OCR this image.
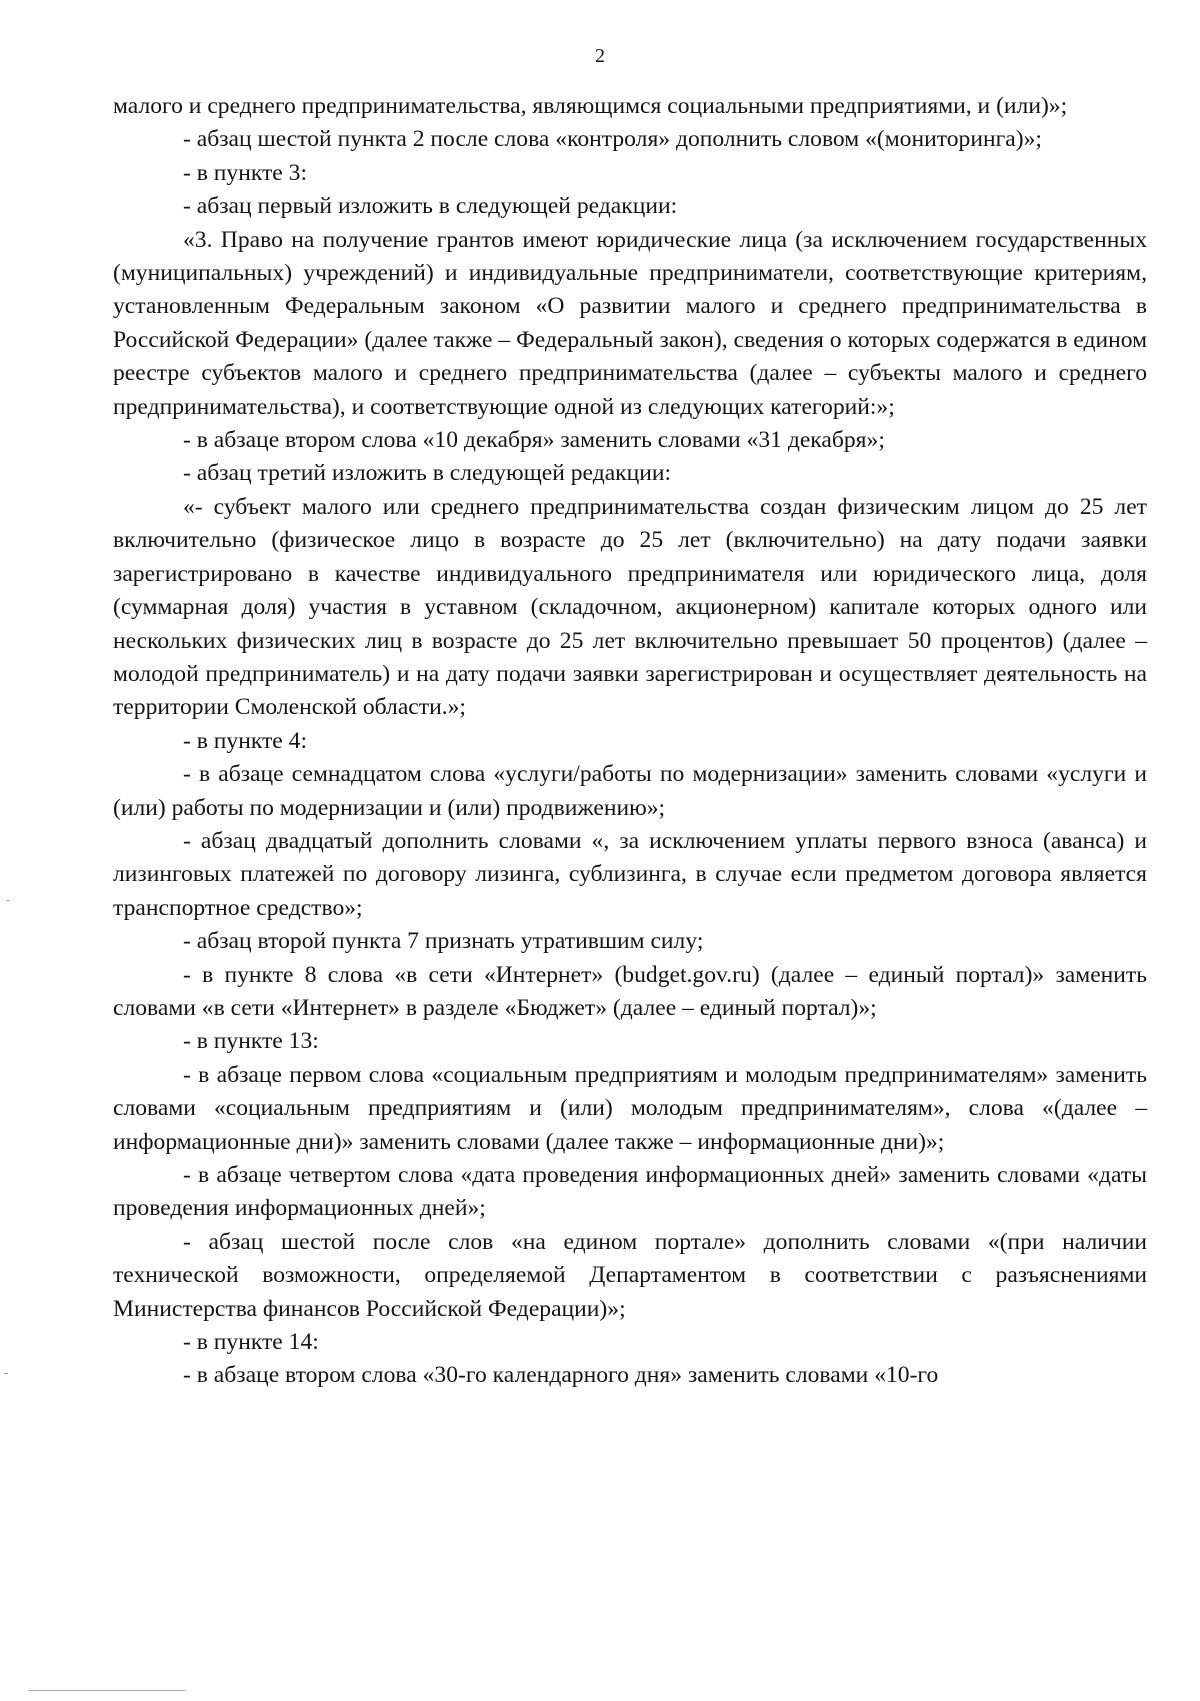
2

малого и среднего предпринимательства, являющимся социальными предприятиями, и (или)»;

- абзац шестой пункта 2 после слова «контроля» дополнить словом «(мониторинга)»;

- в пункте 3:

- абзац первый изложить в следующей редакции:

«3. Право на получение грантов имеют юридические лица (за исключением государственных (муниципальных) учреждений) и индивидуальные предприниматели, соответствующие критериям, установленным Федеральным законом «О развитии малого и среднего предпринимательства в Российской Федерации» (далее также – Федеральный закон), сведения о которых содержатся в едином реестре субъектов малого и среднего предпринимательства (далее – субъекты малого и среднего предпринимательства), и соответствующие одной из следующих категорий:»;

- в абзаце втором слова «10 декабря» заменить словами «31 декабря»;

- абзац третий изложить в следующей редакции:

«- субъект малого или среднего предпринимательства создан физическим лицом до 25 лет включительно (физическое лицо в возрасте до 25 лет (включительно) на дату подачи заявки зарегистрировано в качестве индивидуального предпринимателя или юридического лица, доля (суммарная доля) участия в уставном (складочном, акционерном) капитале которых одного или нескольких физических лиц в возрасте до 25 лет включительно превышает 50 процентов) (далее – молодой предприниматель) и на дату подачи заявки зарегистрирован и осуществляет деятельность на территории Смоленской области.»;

- в пункте 4:

- в абзаце семнадцатом слова «услуги/работы по модернизации» заменить словами «услуги и (или) работы по модернизации и (или) продвижению»;

- абзац двадцатый дополнить словами «, за исключением уплаты первого взноса (аванса) и лизинговых платежей по договору лизинга, сублизинга, в случае если предметом договора является транспортное средство»;

- абзац второй пункта 7 признать утратившим силу;

- в пункте 8 слова «в сети «Интернет» (budget.gov.ru) (далее – единый портал)» заменить словами «в сети «Интернет» в разделе «Бюджет» (далее – единый портал)»;

- в пункте 13:

- в абзаце первом слова «социальным предприятиям и молодым предпринимателям» заменить словами «социальным предприятиям и (или) молодым предпринимателям», слова «(далее – информационные дни)» заменить словами (далее также – информационные дни)»;

- в абзаце четвертом слова «дата проведения информационных дней» заменить словами «даты проведения информационных дней»;

- абзац шестой после слов «на едином портале» дополнить словами «(при наличии технической возможности, определяемой Департаментом в соответствии с разъяснениями Министерства финансов Российской Федерации)»;

- в пункте 14:

- в абзаце втором слова «30-го календарного дня» заменить словами «10-го
